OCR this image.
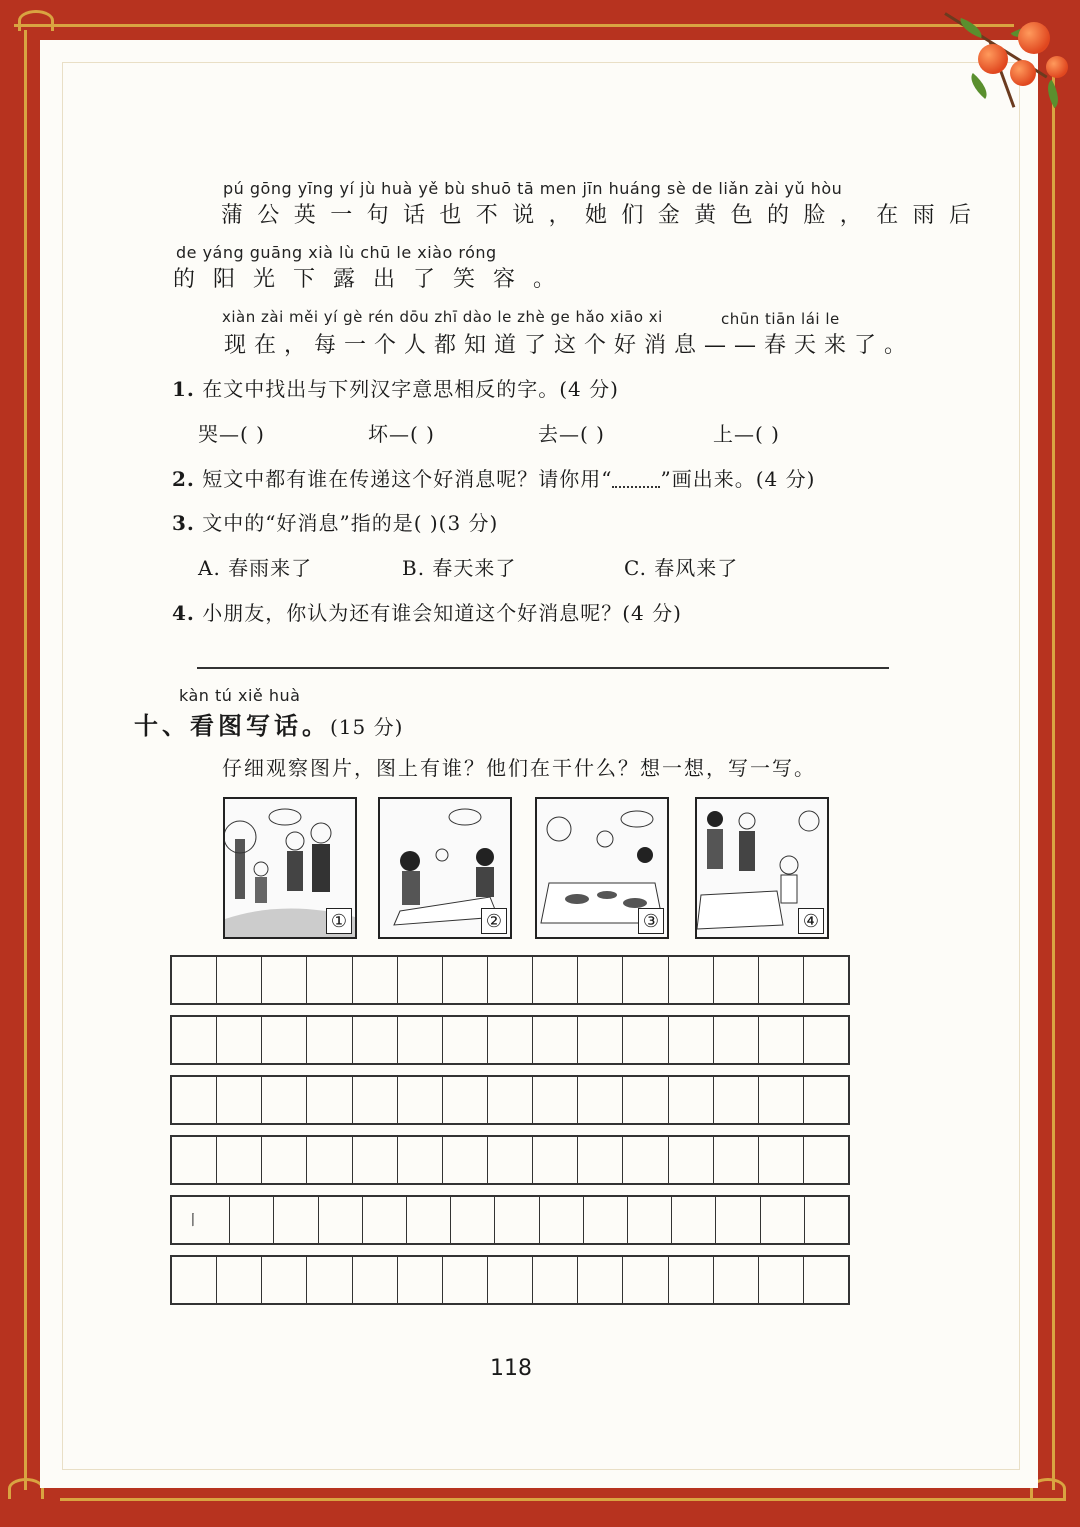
pú gōng yīng yí jù huà yě bù shuō tā men jīn huáng sè de liǎn zài yǔ hòu
蒲公英一句话也不说，她们金黄色的脸，在雨后
de yáng guāng xià lù chū le xiào róng
的阳光下露出了笑容。
xiàn zài měi yí gè rén dōu zhī dào le zhè ge hǎo xiāo xi	chūn tiān lái le
现在，每一个人都知道了这个好消息——春天来了。
1. 在文中找出与下列汉字意思相反的字。(4 分)
哭—( )	坏—( )	去—( )	上—( )
2. 短文中都有谁在传递这个好消息呢？请你用“ ”画出来。(4 分)
3. 文中的“好消息”指的是( )(3 分)
A. 春雨来了	B. 春天来了	C. 春风来了
4. 小朋友，你认为还有谁会知道这个好消息呢？(4 分)
kàn tú xiě huà
十、看图写话。(15 分)
仔细观察图片，图上有谁？他们在干什么？想一想，写一写。
①	②	③	④
丨
118
